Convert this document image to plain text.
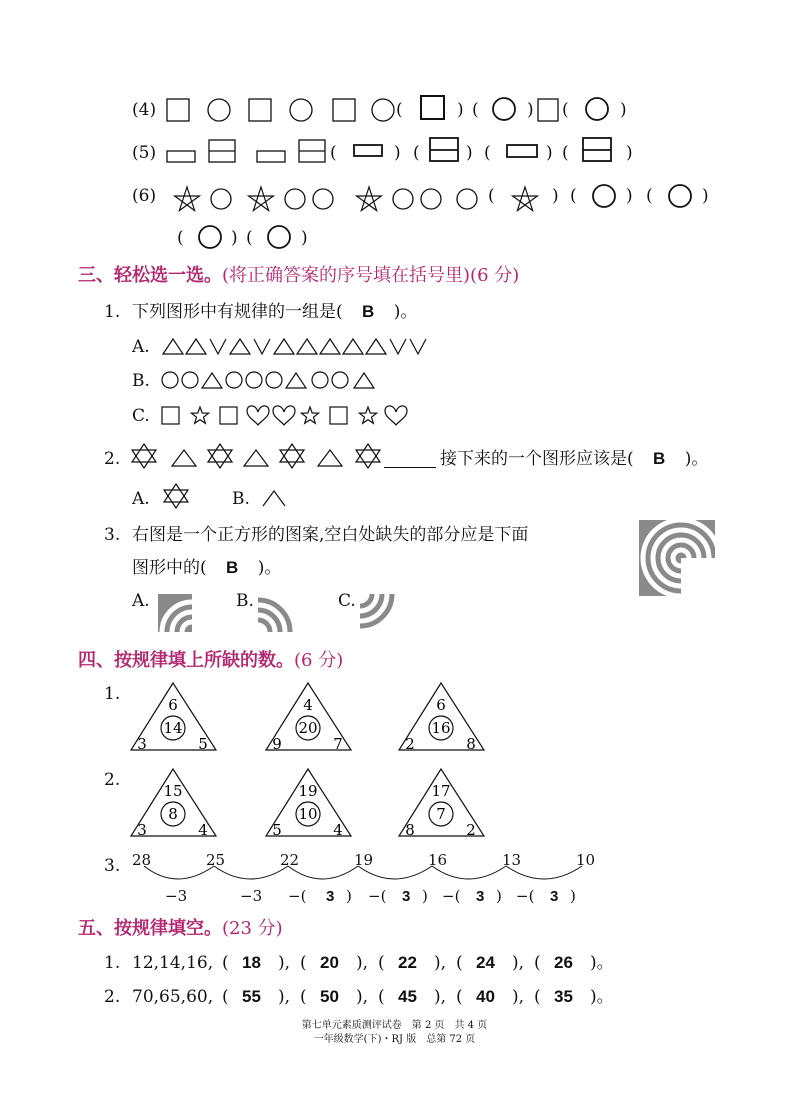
(4)	(	) (	) (	)
(5)	(	) (	) (	) (	)
(6)	(	) (	) (	)
(	) (	)
三、轻松选一选。(将正确答案的序号填在括号里)(6 分)
1. 下列图形中有规律的一组是( B )。
A.
B.
C.
2.	接下来的一个图形应该是( B )。
A.	B.
3. 右图是一个正方形的图案,空白处缺失的部分应是下面
图形中的( B )。
A.	B.	C.
四、按规律填上所缺的数。(6 分)
1.
2.
6
14
3	5
4
20
9	7
6
16
2	8
15
8
3	4
19
10
5	4
17
7
8	2
3. 28	25	22	19	16	13	10
−3	−3 −(	−(	−(	−(
3 )	3 )	3 )	3 )
五、按规律填空。(23 分)
1. 12,14,16, ( 18 ), ( 20 ), ( 22 ), ( 24 ), ( 26 )。
2. 70,65,60, ( 55 ), ( 50 ), ( 45 ), ( 40 ), ( 35 )。
第七单元素质测评试卷　第 2 页　共 4 页
一年级数学(下)・RJ 版　总第 72 页
